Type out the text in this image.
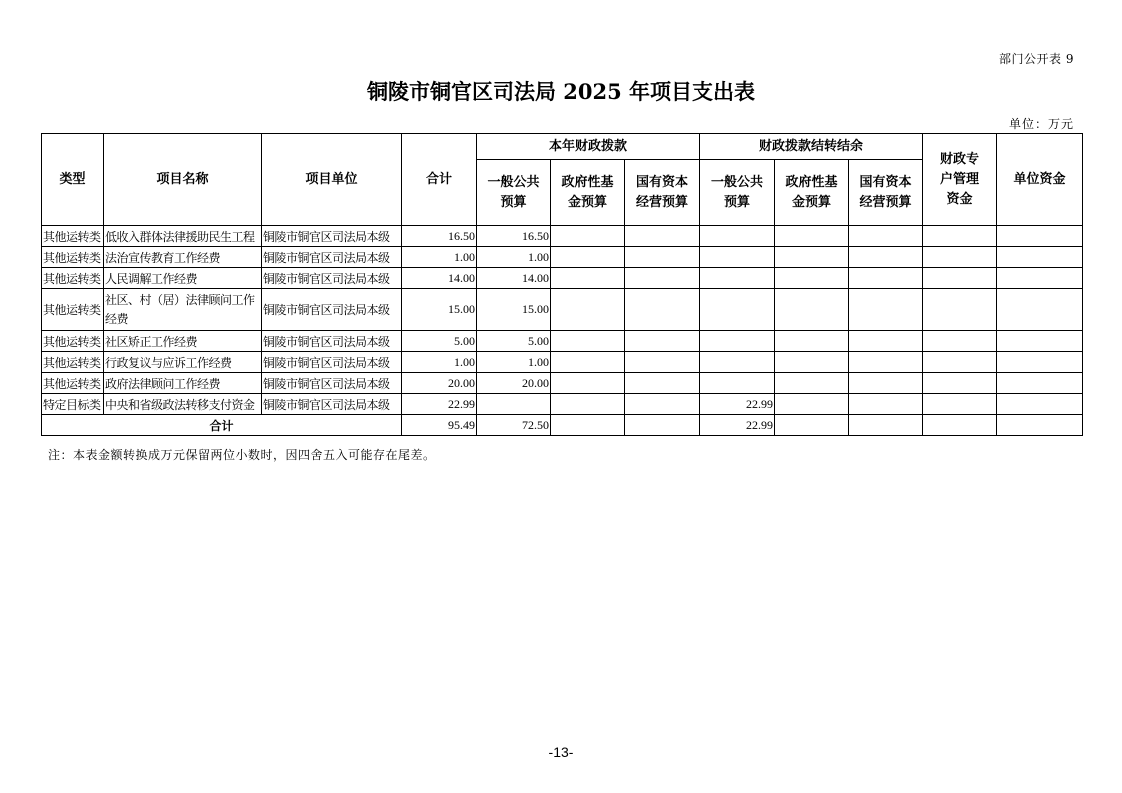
部门公开表 9
铜陵市铜官区司法局 2025 年项目支出表
单位：万元
类型	项目名称	项目单位	合计	本年财政拨款			财政拨款结转结余			财政专户管理资金	单位资金
				一般公共预算	政府性基金预算	国有资本经营预算	一般公共预算	政府性基金预算	国有资本经营预算		
其他运转类	低收入群体法律援助民生工程	铜陵市铜官区司法局本级	16.50	16.50							
其他运转类	法治宣传教育工作经费	铜陵市铜官区司法局本级	1.00	1.00							
其他运转类	人民调解工作经费	铜陵市铜官区司法局本级	14.00	14.00							
其他运转类	社区、村（居）法律顾问工作经费	铜陵市铜官区司法局本级	15.00	15.00							
其他运转类	社区矫正工作经费	铜陵市铜官区司法局本级	5.00	5.00							
其他运转类	行政复议与应诉工作经费	铜陵市铜官区司法局本级	1.00	1.00							
其他运转类	政府法律顾问工作经费	铜陵市铜官区司法局本级	20.00	20.00							
特定目标类	中央和省级政法转移支付资金	铜陵市铜官区司法局本级	22.99				22.99				
合计			95.49	72.50			22.99				
注：本表金额转换成万元保留两位小数时，因四舍五入可能存在尾差。
-13-
